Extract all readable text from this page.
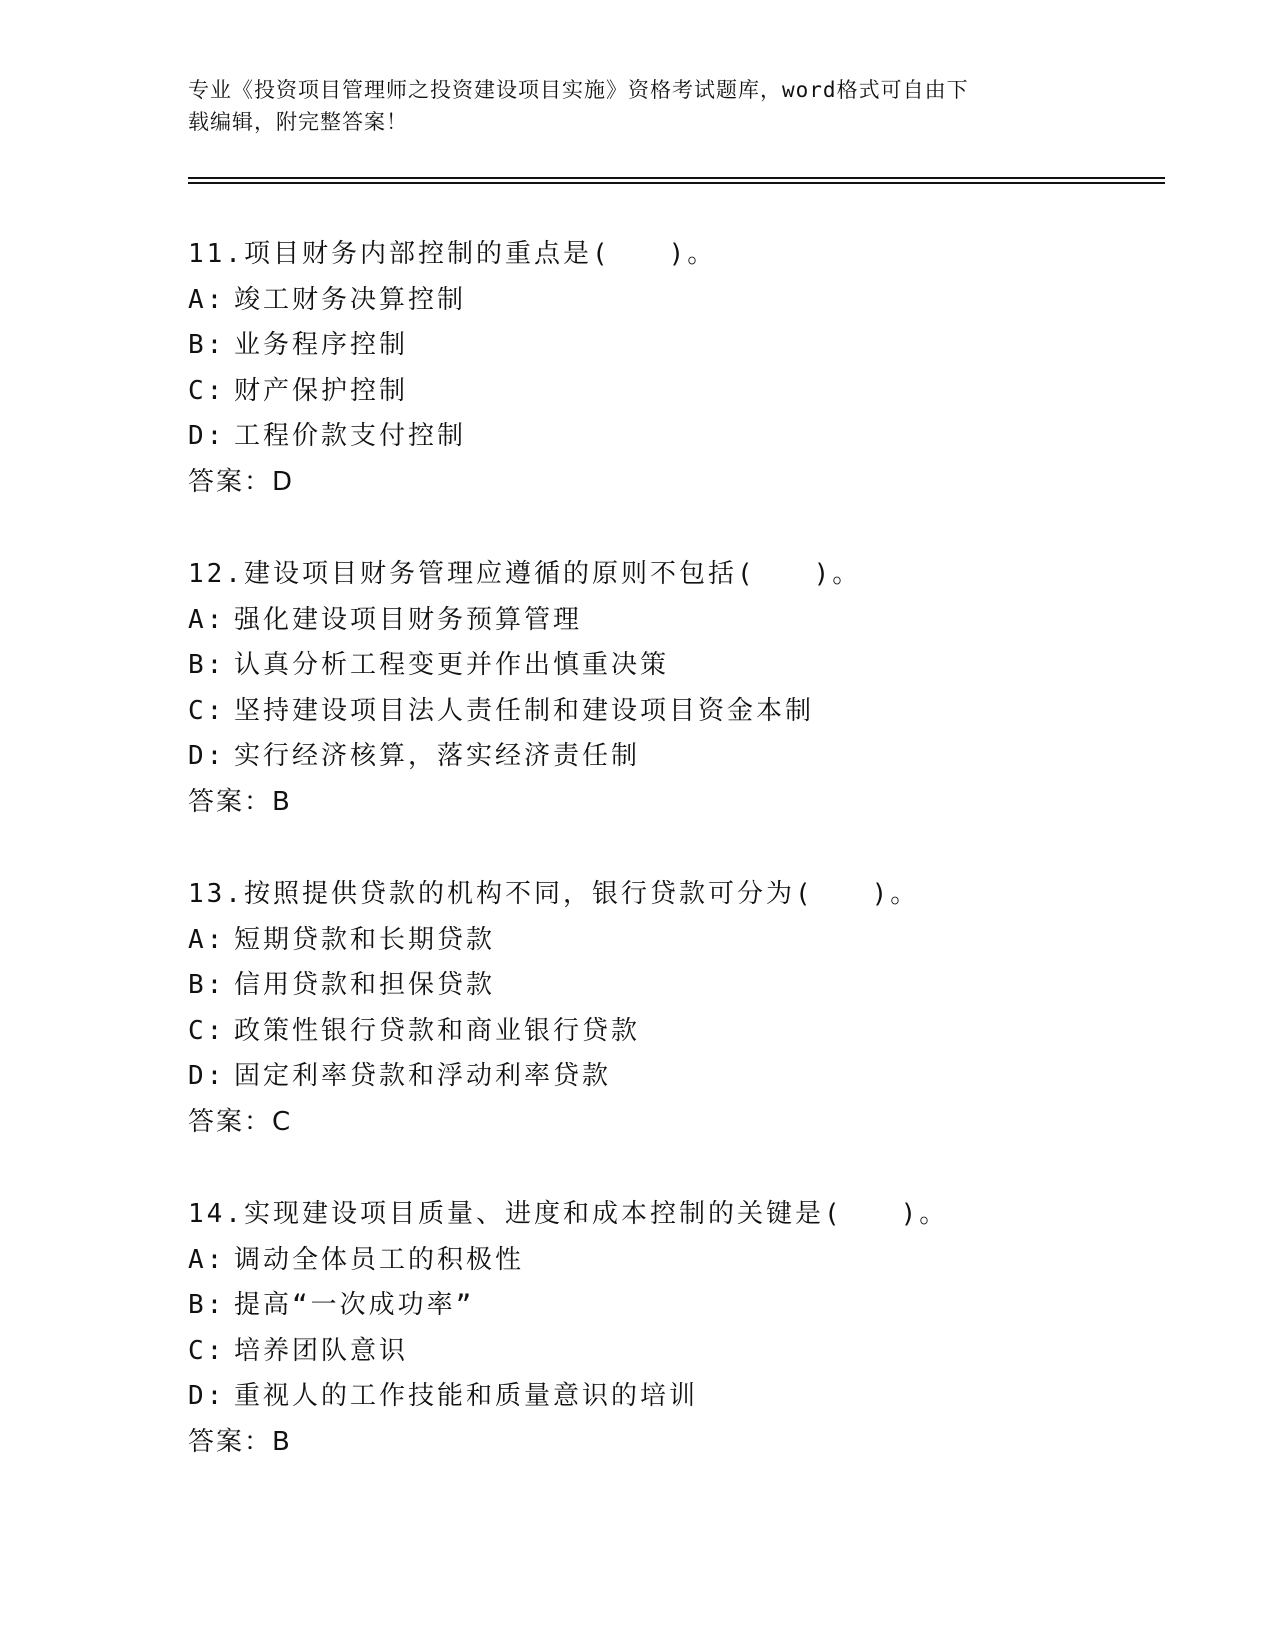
专业《投资项目管理师之投资建设项目实施》资格考试题库，word格式可自由下
载编辑，附完整答案！
11.项目财务内部控制的重点是(　　)。
A: 竣工财务决算控制
B: 业务程序控制
C: 财产保护控制
D: 工程价款支付控制
答案：D
12.建设项目财务管理应遵循的原则不包括(　　)。
A: 强化建设项目财务预算管理
B: 认真分析工程变更并作出慎重决策
C: 坚持建设项目法人责任制和建设项目资金本制
D: 实行经济核算，落实经济责任制
答案：B
13.按照提供贷款的机构不同，银行贷款可分为(　　)。
A: 短期贷款和长期贷款
B: 信用贷款和担保贷款
C: 政策性银行贷款和商业银行贷款
D: 固定利率贷款和浮动利率贷款
答案：C
14.实现建设项目质量、进度和成本控制的关键是(　　)。
A: 调动全体员工的积极性
B: 提高“一次成功率”
C: 培养团队意识
D: 重视人的工作技能和质量意识的培训
答案：B
